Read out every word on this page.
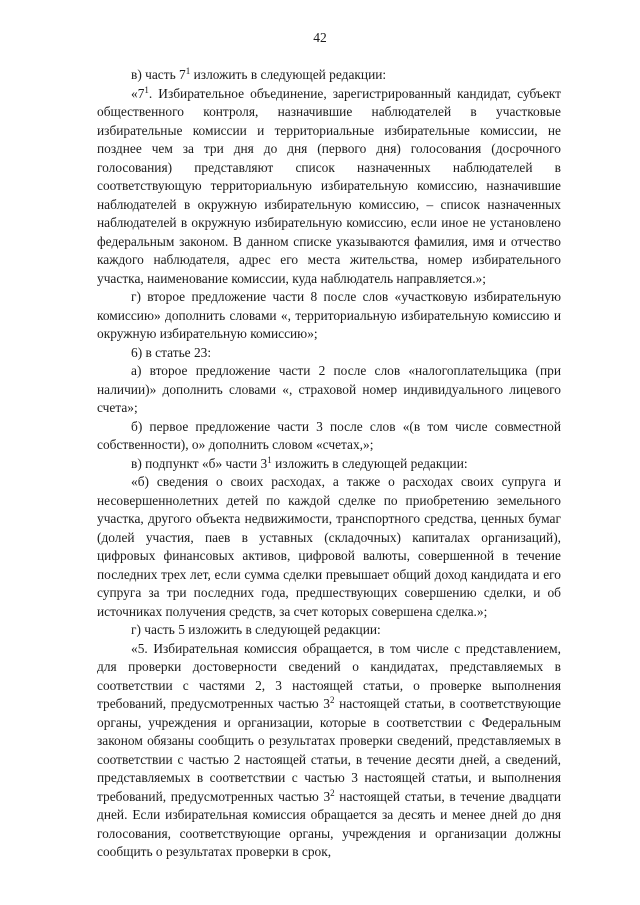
42

в) часть $7^1$ изложить в следующей редакции:

«$7^1$. Избирательное объединение, зарегистрированный кандидат, субъект общественного контроля, назначившие наблюдателей в участковые избирательные комиссии и территориальные избирательные комиссии, не позднее чем за три дня до дня (первого дня) голосования (досрочного голосования) представляют список назначенных наблюдателей в соответствующую территориальную избирательную комиссию, назначившие наблюдателей в окружную избирательную комиссию, – список назначенных наблюдателей в окружную избирательную комиссию, если иное не установлено федеральным законом. В данном списке указываются фамилия, имя и отчество каждого наблюдателя, адрес его места жительства, номер избирательного участка, наименование комиссии, куда наблюдатель направляется.»;

г) второе предложение части 8 после слов «участковую избирательную комиссию» дополнить словами «, территориальную избирательную комиссию и окружную избирательную комиссию»;

6) в статье 23:

а) второе предложение части 2 после слов «налогоплательщика (при наличии)» дополнить словами «, страховой номер индивидуального лицевого счета»;

б) первое предложение части 3 после слов «(в том числе совместной собственности), о» дополнить словом «счетах,»;

в) подпункт «б» части $3^1$ изложить в следующей редакции:

«б) сведения о своих расходах, а также о расходах своих супруга и несовершеннолетних детей по каждой сделке по приобретению земельного участка, другого объекта недвижимости, транспортного средства, ценных бумаг (долей участия, паев в уставных (складочных) капиталах организаций), цифровых финансовых активов, цифровой валюты, совершенной в течение последних трех лет, если сумма сделки превышает общий доход кандидата и его супруга за три последних года, предшествующих совершению сделки, и об источниках получения средств, за счет которых совершена сделка.»;

г) часть 5 изложить в следующей редакции:

«5. Избирательная комиссия обращается, в том числе с представлением, для проверки достоверности сведений о кандидатах, представляемых в соответствии с частями 2, 3 настоящей статьи, о проверке выполнения требований, предусмотренных частью $3^2$ настоящей статьи, в соответствующие органы, учреждения и организации, которые в соответствии с Федеральным законом обязаны сообщить о результатах проверки сведений, представляемых в соответствии с частью 2 настоящей статьи, в течение десяти дней, а сведений, представляемых в соответствии с частью 3 настоящей статьи, и выполнения требований, предусмотренных частью $3^2$ настоящей статьи, в течение двадцати дней. Если избирательная комиссия обращается за десять и менее дней до дня голосования, соответствующие органы, учреждения и организации должны сообщить о результатах проверки в срок,
